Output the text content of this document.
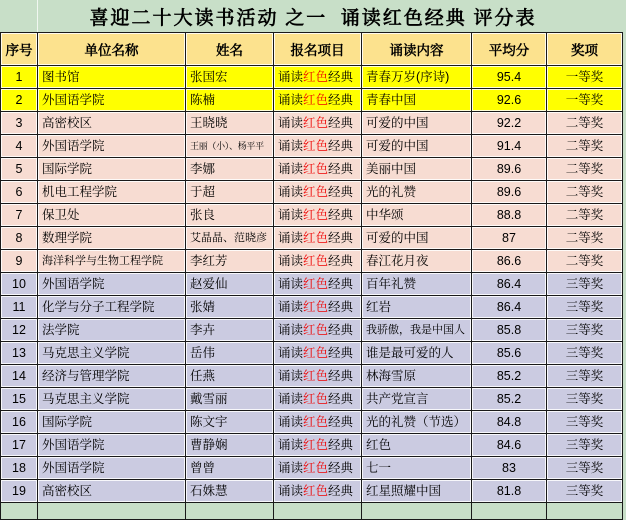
喜迎二十大读书活动 之一  诵读红色经典 评分表
序号	单位名称	姓名	报名项目	诵读内容	平均分	奖项
1	图书馆	张国宏	诵读红色经典	青春万岁(序诗)	95.4	一等奖
2	外国语学院	陈楠	诵读红色经典	青春中国	92.6	一等奖
3	高密校区	王晓晓	诵读红色经典	可爱的中国	92.2	二等奖
4	外国语学院	王丽（小）、杨平平	诵读红色经典	可爱的中国	91.4	二等奖
5	国际学院	李娜	诵读红色经典	美丽中国	89.6	二等奖
6	机电工程学院	于超	诵读红色经典	光的礼赞	89.6	二等奖
7	保卫处	张良	诵读红色经典	中华颂	88.8	二等奖
8	数理学院	艾晶晶、范晓彦	诵读红色经典	可爱的中国	87	二等奖
9	海洋科学与生物工程学院	李红芳	诵读红色经典	春江花月夜	86.6	二等奖
10	外国语学院	赵爱仙	诵读红色经典	百年礼赞	86.4	三等奖
11	化学与分子工程学院	张婧	诵读红色经典	红岩	86.4	三等奖
12	法学院	李卉	诵读红色经典	我骄傲，我是中国人	85.8	三等奖
13	马克思主义学院	岳伟	诵读红色经典	谁是最可爱的人	85.6	三等奖
14	经济与管理学院	任燕	诵读红色经典	林海雪原	85.2	三等奖
15	马克思主义学院	戴雪丽	诵读红色经典	共产党宣言	85.2	三等奖
16	国际学院	陈文宇	诵读红色经典	光的礼赞（节选）	84.8	三等奖
17	外国语学院	曹静娴	诵读红色经典	红色	84.6	三等奖
18	外国语学院	曾曾	诵读红色经典	七一	83	三等奖
19	高密校区	石姝慧	诵读红色经典	红星照耀中国	81.8	三等奖
